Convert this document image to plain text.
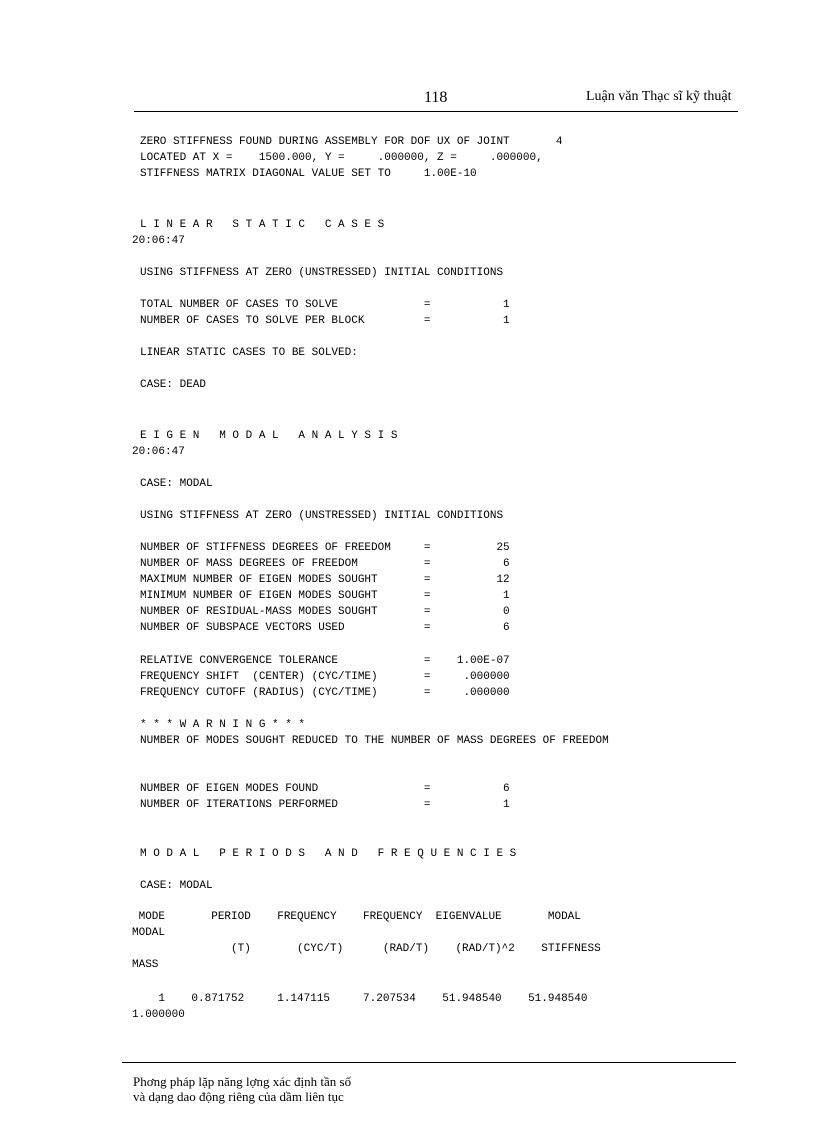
118	Luận văn Thạc sĩ kỹ thuật
ZERO STIFFNESS FOUND DURING ASSEMBLY FOR DOF UX OF JOINT       4
LOCATED AT X =    1500.000, Y =     .000000, Z =     .000000,
STIFFNESS MATRIX DIAGONAL VALUE SET TO     1.00E-10
L I N E A R   S T A T I C   C A S E S
20:06:47
USING STIFFNESS AT ZERO (UNSTRESSED) INITIAL CONDITIONS
TOTAL NUMBER OF CASES TO SOLVE             =           1
NUMBER OF CASES TO SOLVE PER BLOCK         =           1
LINEAR STATIC CASES TO BE SOLVED:
CASE: DEAD
E I G E N   M O D A L   A N A L Y S I S
20:06:47
CASE: MODAL
USING STIFFNESS AT ZERO (UNSTRESSED) INITIAL CONDITIONS
NUMBER OF STIFFNESS DEGREES OF FREEDOM     =          25
NUMBER OF MASS DEGREES OF FREEDOM          =           6
MAXIMUM NUMBER OF EIGEN MODES SOUGHT       =          12
MINIMUM NUMBER OF EIGEN MODES SOUGHT       =           1
NUMBER OF RESIDUAL-MASS MODES SOUGHT       =           0
NUMBER OF SUBSPACE VECTORS USED            =           6
RELATIVE CONVERGENCE TOLERANCE             =    1.00E-07
FREQUENCY SHIFT  (CENTER) (CYC/TIME)       =     .000000
FREQUENCY CUTOFF (RADIUS) (CYC/TIME)       =     .000000
* * * W A R N I N G * * *
NUMBER OF MODES SOUGHT REDUCED TO THE NUMBER OF MASS DEGREES OF FREEDOM
NUMBER OF EIGEN MODES FOUND                =           6
NUMBER OF ITERATIONS PERFORMED             =           1
M O D A L   P E R I O D S   A N D   F R E Q U E N C I E S
CASE: MODAL
MODE       PERIOD    FREQUENCY    FREQUENCY  EIGENVALUE       MODAL
MODAL
(T)       (CYC/T)      (RAD/T)    (RAD/T)^2    STIFFNESS
MASS
1    0.871752     1.147115     7.207534    51.948540    51.948540
1.000000
Phơng pháp lặp năng lợng xác định tần số
và dạng dao động riêng của dầm liên tục
